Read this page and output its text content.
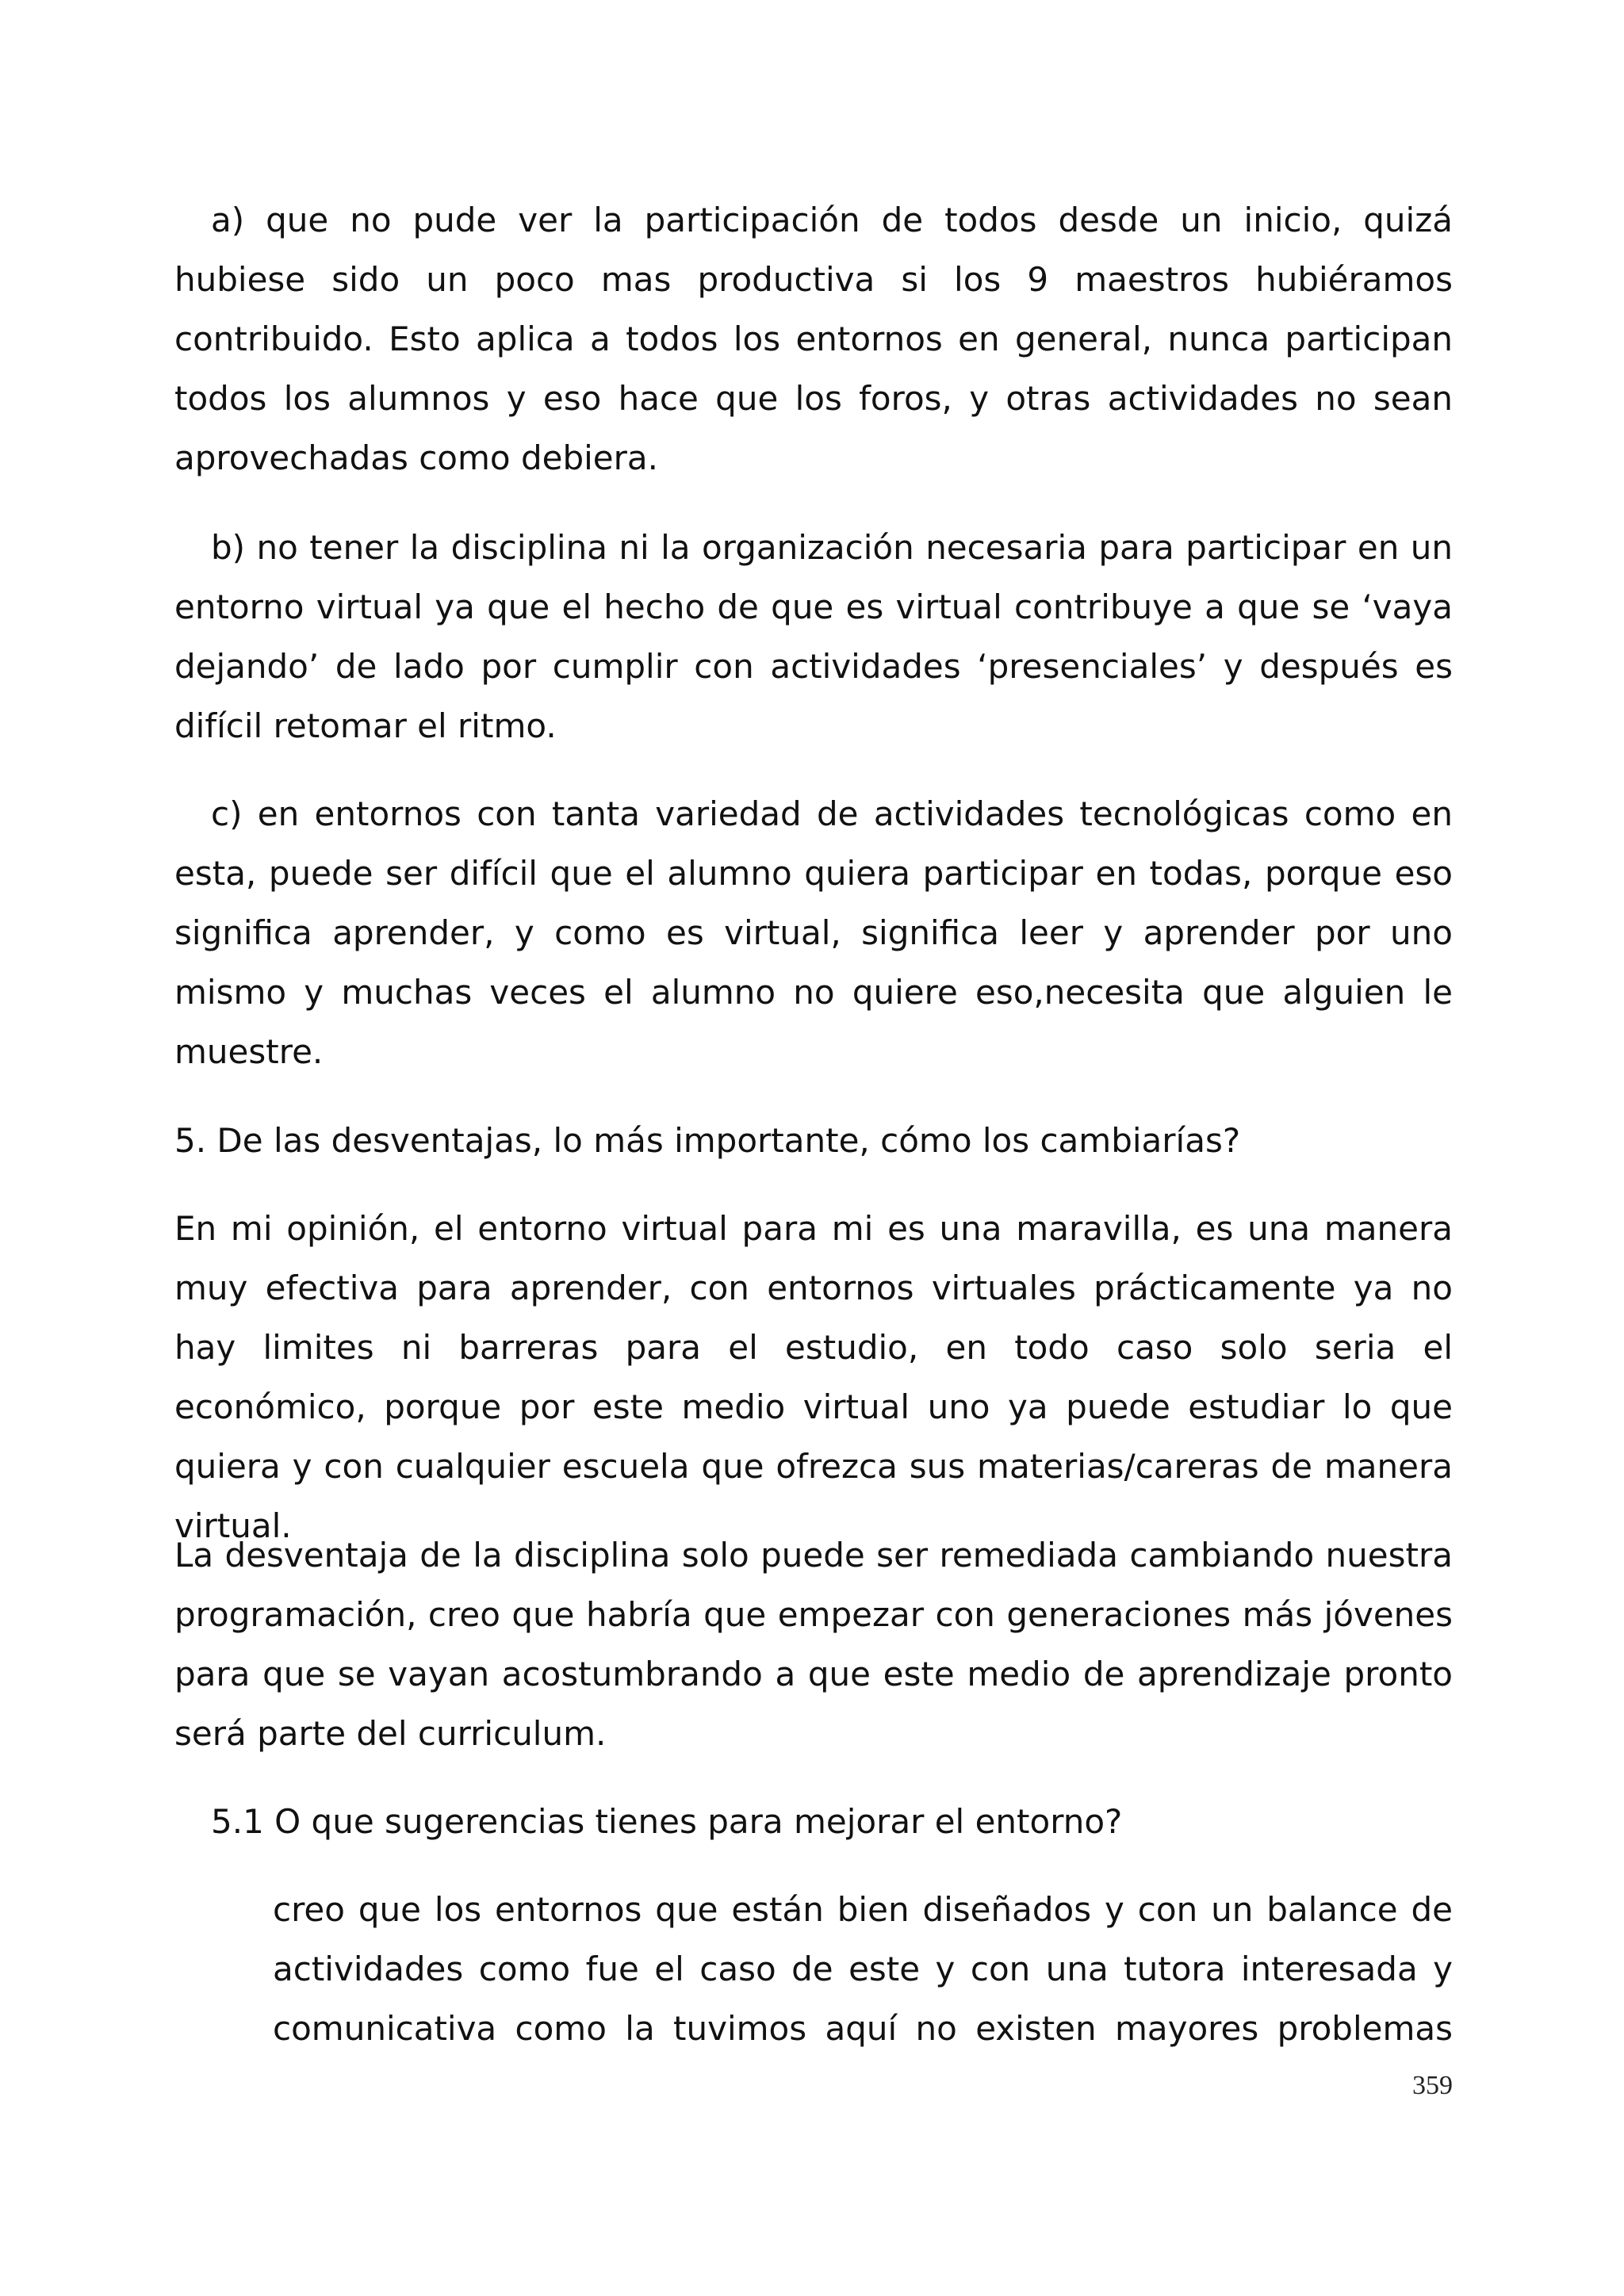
a) que no pude ver la participación de todos desde un inicio, quizá hubiese sido un poco mas productiva si los 9 maestros hubiéramos contribuido. Esto aplica a todos los entornos en general, nunca participan todos los alumnos y eso hace que los foros, y otras actividades no sean aprovechadas como debiera.

b) no tener la disciplina ni la organización necesaria para participar en un entorno virtual ya que el hecho de que es virtual contribuye a que se ‘vaya dejando’ de lado por cumplir con actividades ‘presenciales’ y después es difícil retomar el ritmo.

c) en entornos con tanta variedad de actividades tecnológicas como en esta, puede ser difícil que el alumno quiera participar en todas, porque eso significa aprender, y como es virtual, significa leer y aprender por uno mismo y muchas veces el alumno no quiere eso,necesita que alguien le muestre.

5. De las desventajas, lo más importante, cómo los cambiarías?

En mi opinión, el entorno virtual para mi es una maravilla, es una manera muy efectiva para aprender, con entornos virtuales prácticamente ya no hay limites ni barreras para el estudio, en todo caso solo seria el económico, porque por este medio virtual uno ya puede estudiar lo que quiera y con cualquier escuela que ofrezca sus materias/careras de manera virtual.

La desventaja de la disciplina solo puede ser remediada cambiando nuestra programación, creo que habría que empezar con generaciones más jóvenes para que se vayan acostumbrando a que este medio de aprendizaje pronto será parte del curriculum.

5.1 O que sugerencias tienes para mejorar el entorno?

creo que los entornos que están bien diseñados y con un balance de actividades como fue el caso de este y con una tutora interesada y comunicativa como la tuvimos aquí no existen mayores problemas

359
